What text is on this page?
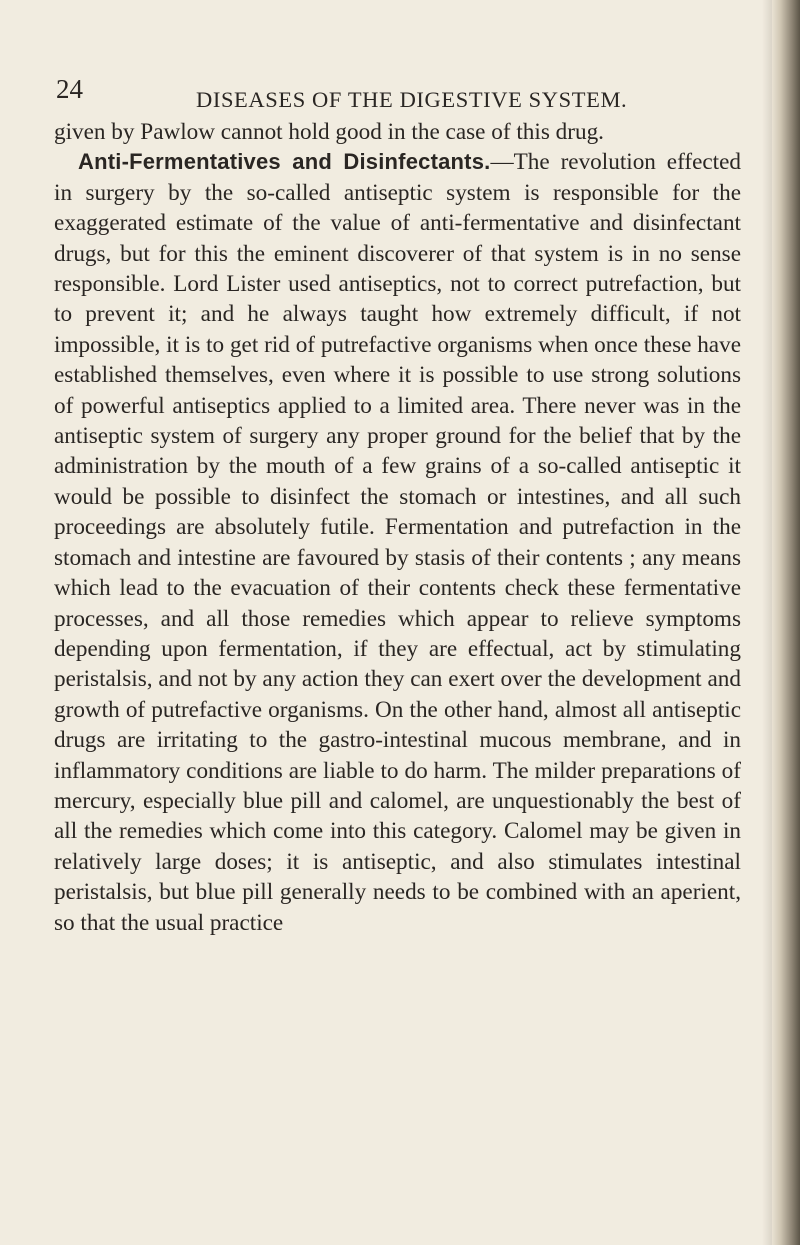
24	DISEASES OF THE DIGESTIVE SYSTEM.

given by Pawlow cannot hold good in the case of this drug.

Anti-Fermentatives and Disinfectants.—The revolution effected in surgery by the so-called antiseptic system is responsible for the exaggerated estimate of the value of anti-fermentative and disinfectant drugs, but for this the eminent discoverer of that system is in no sense responsible. Lord Lister used antiseptics, not to correct putrefaction, but to prevent it; and he always taught how extremely difficult, if not impossible, it is to get rid of putrefactive organisms when once these have established themselves, even where it is possible to use strong solutions of powerful antiseptics applied to a limited area. There never was in the antiseptic system of surgery any proper ground for the belief that by the administration by the mouth of a few grains of a so-called antiseptic it would be possible to disinfect the stomach or intestines, and all such proceedings are absolutely futile. Fermentation and putrefaction in the stomach and intestine are favoured by stasis of their contents ; any means which lead to the evacuation of their contents check these fermentative processes, and all those remedies which appear to relieve symptoms depending upon fermentation, if they are effectual, act by stimulating peristalsis, and not by any action they can exert over the development and growth of putrefactive organisms. On the other hand, almost all antiseptic drugs are irritating to the gastro-intestinal mucous membrane, and in inflammatory conditions are liable to do harm. The milder preparations of mercury, especially blue pill and calomel, are unquestionably the best of all the remedies which come into this category. Calomel may be given in relatively large doses; it is antiseptic, and also stimulates intestinal peristalsis, but blue pill generally needs to be combined with an aperient, so that the usual practice
